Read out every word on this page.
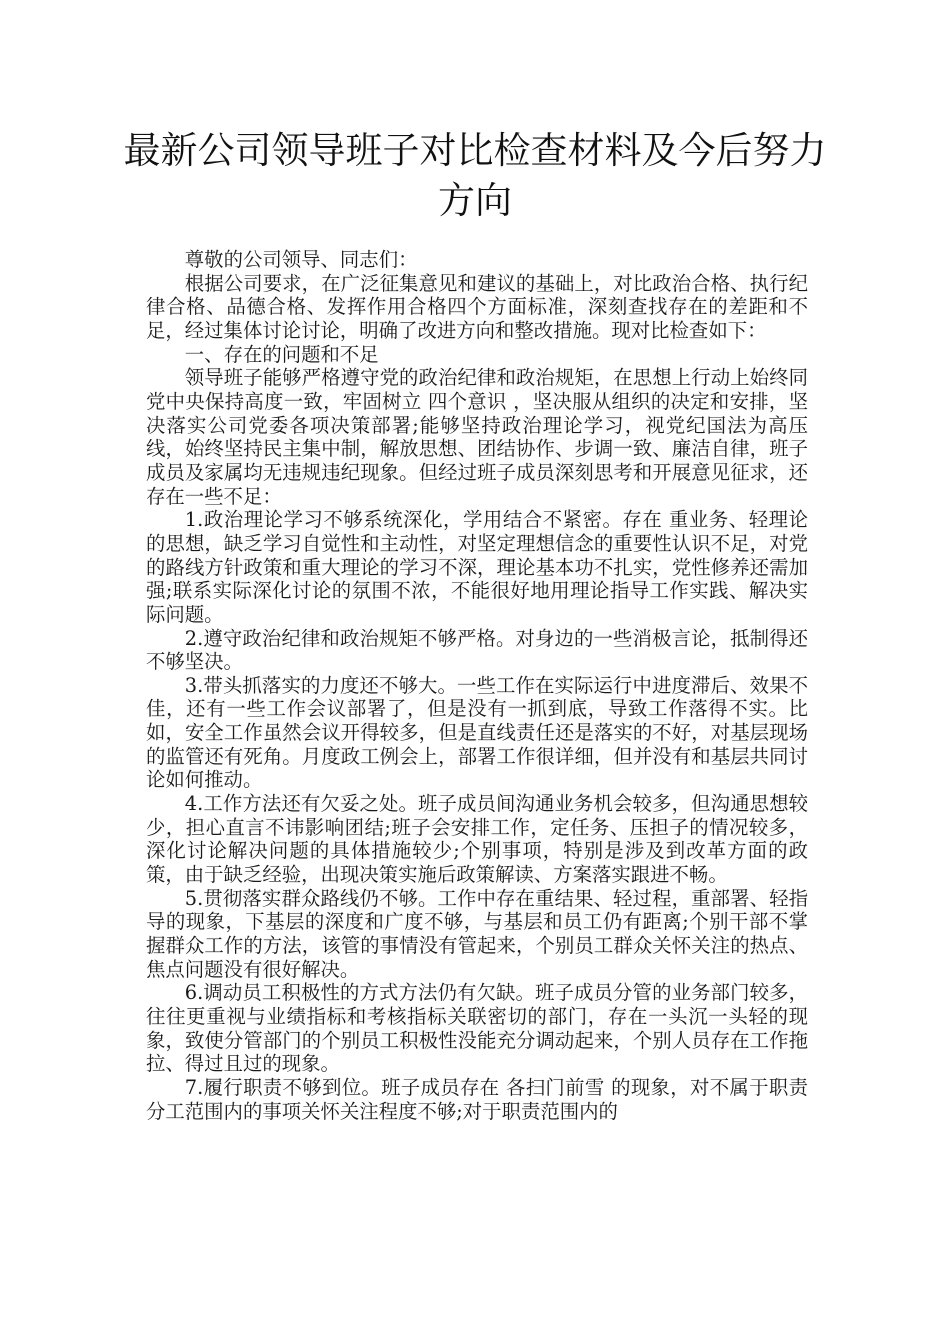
最新公司领导班子对比检查材料及今后努力方向

尊敬的公司领导、同志们：

根据公司要求，在广泛征集意见和建议的基础上，对比政治合格、执行纪律合格、品德合格、发挥作用合格四个方面标准，深刻查找存在的差距和不足，经过集体讨论讨论，明确了改进方向和整改措施。现对比检查如下：

一、存在的问题和不足

领导班子能够严格遵守党的政治纪律和政治规矩，在思想上行动上始终同党中央保持高度一致，牢固树立 四个意识 ，坚决服从组织的决定和安排，坚决落实公司党委各项决策部署;能够坚持政治理论学习，视党纪国法为高压线，始终坚持民主集中制，解放思想、团结协作、步调一致、廉洁自律，班子成员及家属均无违规违纪现象。但经过班子成员深刻思考和开展意见征求，还存在一些不足：

1.政治理论学习不够系统深化，学用结合不紧密。存在 重业务、轻理论 的思想，缺乏学习自觉性和主动性，对坚定理想信念的重要性认识不足，对党的路线方针政策和重大理论的学习不深，理论基本功不扎实，党性修养还需加强;联系实际深化讨论的氛围不浓，不能很好地用理论指导工作实践、解决实际问题。

2.遵守政治纪律和政治规矩不够严格。对身边的一些消极言论，抵制得还不够坚决。

3.带头抓落实的力度还不够大。一些工作在实际运行中进度滞后、效果不佳，还有一些工作会议部署了，但是没有一抓到底，导致工作落得不实。比如，安全工作虽然会议开得较多，但是直线责任还是落实的不好，对基层现场的监管还有死角。月度政工例会上，部署工作很详细，但并没有和基层共同讨论如何推动。

4.工作方法还有欠妥之处。班子成员间沟通业务机会较多，但沟通思想较少，担心直言不讳影响团结;班子会安排工作，定任务、压担子的情况较多，深化讨论解决问题的具体措施较少;个别事项，特别是涉及到改革方面的政策，由于缺乏经验，出现决策实施后政策解读、方案落实跟进不畅。

5.贯彻落实群众路线仍不够。工作中存在重结果、轻过程，重部署、轻指导的现象，下基层的深度和广度不够，与基层和员工仍有距离;个别干部不掌握群众工作的方法，该管的事情没有管起来，个别员工群众关怀关注的热点、焦点问题没有很好解决。

6.调动员工积极性的方式方法仍有欠缺。班子成员分管的业务部门较多，往往更重视与业绩指标和考核指标关联密切的部门，存在一头沉一头轻的现象，致使分管部门的个别员工积极性没能充分调动起来，个别人员存在工作拖拉、得过且过的现象。

7.履行职责不够到位。班子成员存在 各扫门前雪 的现象，对不属于职责分工范围内的事项关怀关注程度不够;对于职责范围内的
